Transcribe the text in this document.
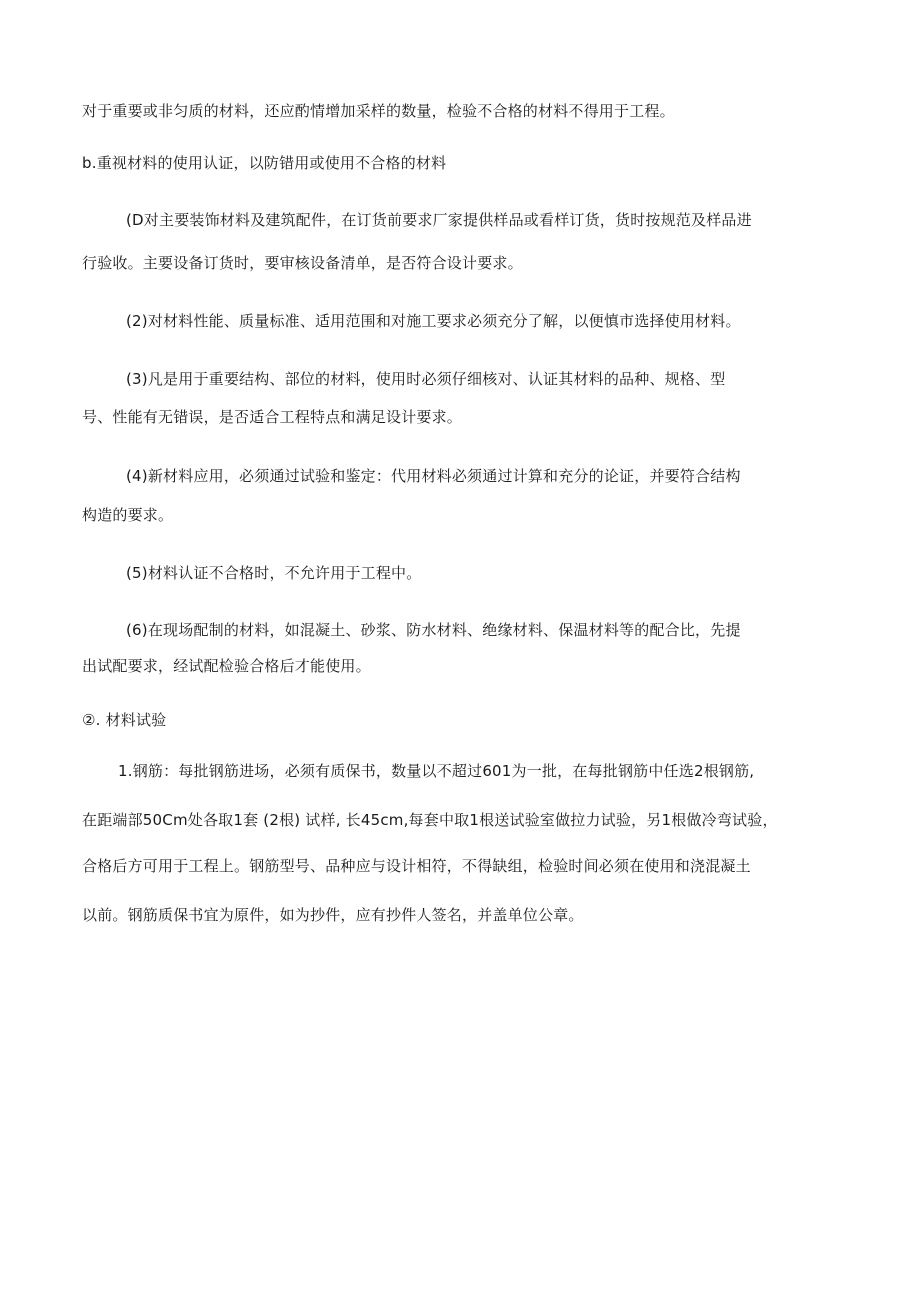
对于重要或非匀质的材料，还应酌情增加采样的数量，检验不合格的材料不得用于工程。
b.重视材料的使用认证，以防错用或使用不合格的材料
(D对主要装饰材料及建筑配件，在订货前要求厂家提供样品或看样订货，货时按规范及样品进
行验收。主要设备订货时，要审核设备清单，是否符合设计要求。
(2)对材料性能、质量标准、适用范围和对施工要求必须充分了解，以便慎市选择使用材料。
(3)凡是用于重要结构、部位的材料，使用时必须仔细核对、认证其材料的品种、规格、型
号、性能有无错误，是否适合工程特点和满足设计要求。
(4)新材料应用，必须通过试验和鉴定：代用材料必须通过计算和充分的论证，并要符合结构
构造的要求。
(5)材料认证不合格时，不允许用于工程中。
(6)在现场配制的材料，如混凝土、砂浆、防水材料、绝缘材料、保温材料等的配合比，先提
出试配要求，经试配检验合格后才能使用。
②. 材料试验
1.钢筋：每批钢筋进场，必须有质保书，数量以不超过601为一批，在每批钢筋中任选2根钢筋,
在距端部50Cm处各取1套 (2根) 试样, 长45cm,每套中取1根送试验室做拉力试验，另1根做冷弯试验，
合格后方可用于工程上。钢筋型号、品种应与设计相符，不得缺组，检验时间必须在使用和浇混凝土
以前。钢筋质保书宜为原件，如为抄件，应有抄件人签名，并盖单位公章。
